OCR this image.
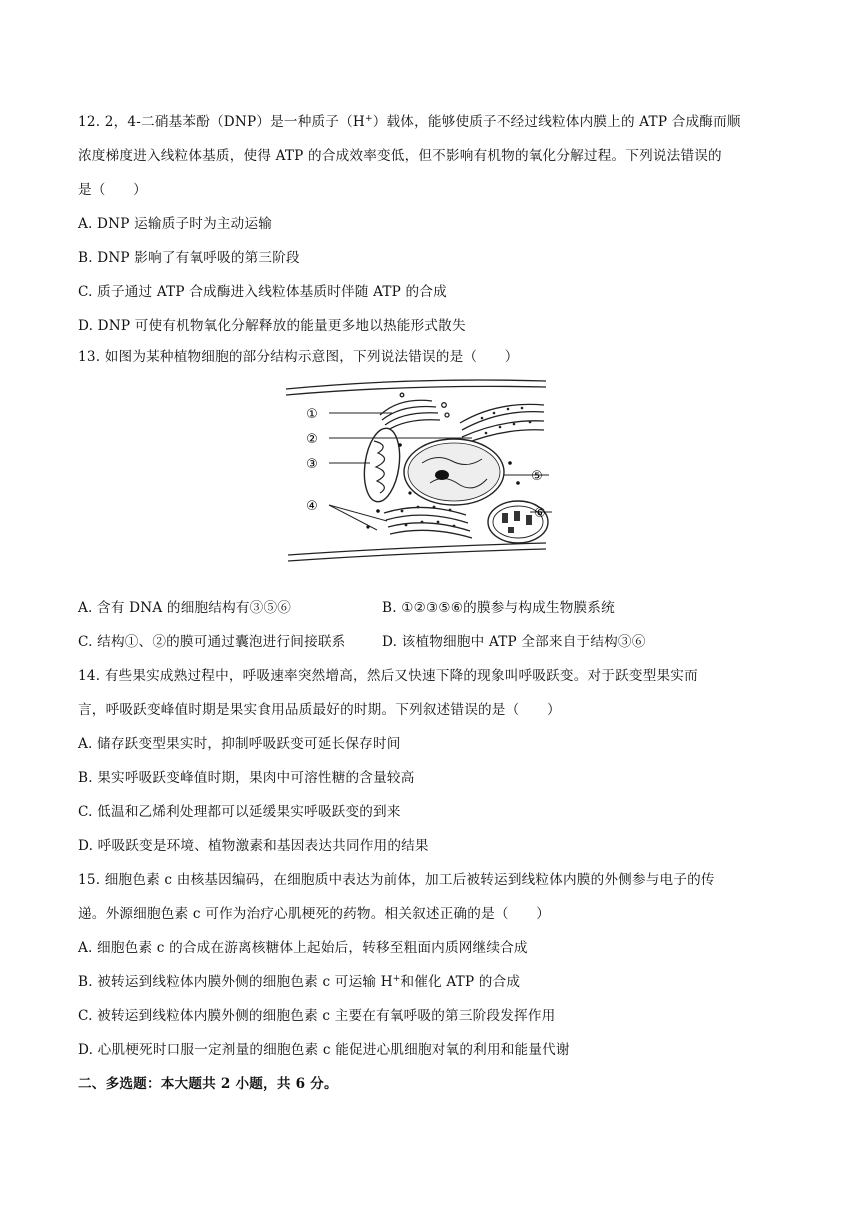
12. 2，4-二硝基苯酚（DNP）是一种质子（H+）载体，能够使质子不经过线粒体内膜上的 ATP 合成酶而顺
浓度梯度进入线粒体基质，使得 ATP 的合成效率变低，但不影响有机物的氧化分解过程。下列说法错误的
是（　　）
A. DNP 运输质子时为主动运输
B. DNP 影响了有氧呼吸的第三阶段
C. 质子通过 ATP 合成酶进入线粒体基质时伴随 ATP 的合成
D. DNP 可使有机物氧化分解释放的能量更多地以热能形式散失
13. 如图为某种植物细胞的部分结构示意图，下列说法错误的是（　　）
①
②
③
④
⑤
⑥
A. 含有 DNA 的细胞结构有③⑤⑥	B. ①②③⑤⑥的膜参与构成生物膜系统
C. 结构①、②的膜可通过囊泡进行间接联系	D. 该植物细胞中 ATP 全部来自于结构③⑥
14. 有些果实成熟过程中，呼吸速率突然增高，然后又快速下降的现象叫呼吸跃变。对于跃变型果实而
言，呼吸跃变峰值时期是果实食用品质最好的时期。下列叙述错误的是（　　）
A. 储存跃变型果实时，抑制呼吸跃变可延长保存时间
B. 果实呼吸跃变峰值时期，果肉中可溶性糖的含量较高
C. 低温和乙烯利处理都可以延缓果实呼吸跃变的到来
D. 呼吸跃变是环境、植物激素和基因表达共同作用的结果
15. 细胞色素 c 由核基因编码，在细胞质中表达为前体，加工后被转运到线粒体内膜的外侧参与电子的传
递。外源细胞色素 c 可作为治疗心肌梗死的药物。相关叙述正确的是（　　）
A. 细胞色素 c 的合成在游离核糖体上起始后，转移至粗面内质网继续合成
B. 被转运到线粒体内膜外侧的细胞色素 c 可运输 H+和催化 ATP 的合成
C. 被转运到线粒体内膜外侧的细胞色素 c 主要在有氧呼吸的第三阶段发挥作用
D. 心肌梗死时口服一定剂量的细胞色素 c 能促进心肌细胞对氧的利用和能量代谢
二、多选题：本大题共 2 小题，共 6 分。
